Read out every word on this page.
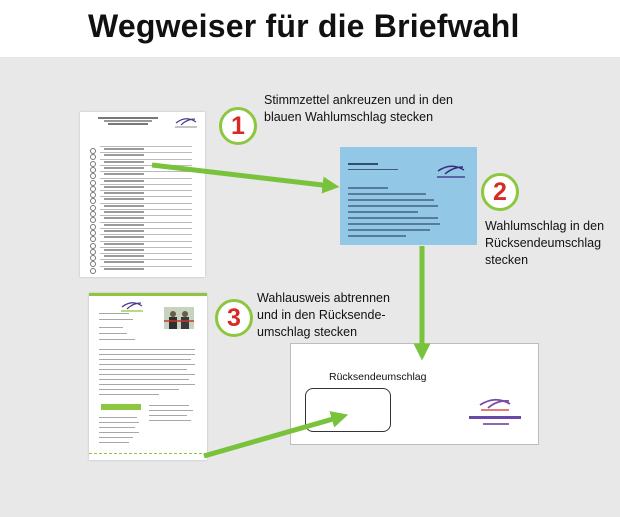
Wegweiser für die Briefwahl
Rücksendeumschlag
1
2
3
Stimmzettel ankreuzen und in den
blauen Wahlumschlag stecken
Wahlumschlag in den
Rücksendeumschlag
stecken
Wahlausweis abtrennen
und in den Rücksende-
umschlag stecken
